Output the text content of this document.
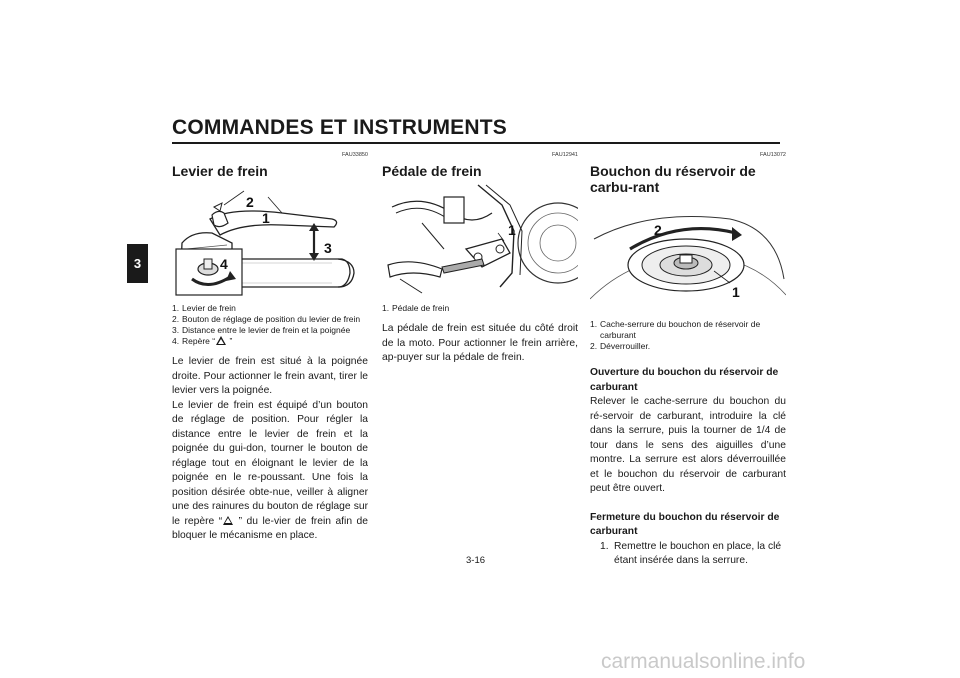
COMMANDES ET INSTRUMENTS
3
FAU33850
Levier de frein
1
2
3
4
1. Levier de frein
2. Bouton de réglage de position du levier de frein
3. Distance entre le levier de frein et la poignée
4. Repère “ ”

Le levier de frein est situé à la poignée droite. Pour actionner le frein avant, tirer le levier vers la poignée.

Le levier de frein est équipé d’un bouton de réglage de position. Pour régler la distance entre le levier de frein et la poignée du gui-don, tourner le bouton de réglage tout en éloignant le levier de la poignée en le re-poussant. Une fois la position désirée obte-nue, veiller à aligner une des rainures du bouton de réglage sur le repère “ ” du le-vier de frein afin de bloquer le mécanisme en place.

FAU12941
Pédale de frein
1
1. Pédale de frein

La pédale de frein est située du côté droit de la moto. Pour actionner le frein arrière, ap-puyer sur la pédale de frein.

FAU13072
Bouchon du réservoir de carbu-rant
2
1
1. Cache-serrure du bouchon de réservoir de carburant
2. Déverrouiller.
Ouverture du bouchon du réservoir de carburant

Relever le cache-serrure du bouchon du ré-servoir de carburant, introduire la clé dans la serrure, puis la tourner de 1/4 de tour dans le sens des aiguilles d’une montre. La serrure est alors déverrouillée et le bouchon du réservoir de carburant peut être ouvert.

Fermeture du bouchon du réservoir de carburant
1. Remettre le bouchon en place, la clé étant insérée dans la serrure.
3-16
carmanualsonline.info
